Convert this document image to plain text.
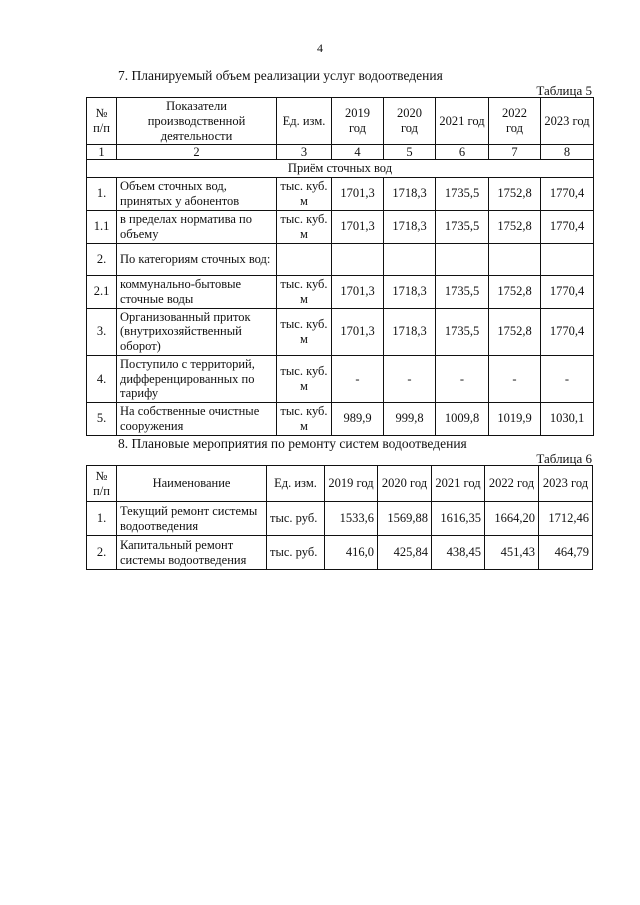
4
7. Планируемый объем реализации услуг водоотведения
Таблица 5
№ п/п	Показатели производственной деятельности	Ед. изм.	2019 год	2020 год	2021 год	2022 год	2023 год
1	2	3	4	5	6	7	8
Приём сточных вод							
1.	Объем сточных вод, принятых у абонентов	тыс. куб. м	1701,3	1718,3	1735,5	1752,8	1770,4
1.1	в пределах норматива по объему	тыс. куб. м	1701,3	1718,3	1735,5	1752,8	1770,4
2.	По категориям сточных вод:						
2.1	коммунально-бытовые сточные воды	тыс. куб. м	1701,3	1718,3	1735,5	1752,8	1770,4
3.	Организованный приток (внутрихозяйственный оборот)	тыс. куб. м	1701,3	1718,3	1735,5	1752,8	1770,4
4.	Поступило с территорий, дифференцированных по тарифу	тыс. куб. м	-	-	-	-	-
5.	На собственные очистные сооружения	тыс. куб. м	989,9	999,8	1009,8	1019,9	1030,1
8. Плановые мероприятия по ремонту систем водоотведения
Таблица 6
№ п/п	Наименование	Ед. изм.	2019 год	2020 год	2021 год	2022 год	2023 год
1.	Текущий ремонт системы водоотведения	тыс. руб.	1533,6	1569,88	1616,35	1664,20	1712,46
2.	Капитальный ремонт системы водоотведения	тыс. руб.	416,0	425,84	438,45	451,43	464,79
